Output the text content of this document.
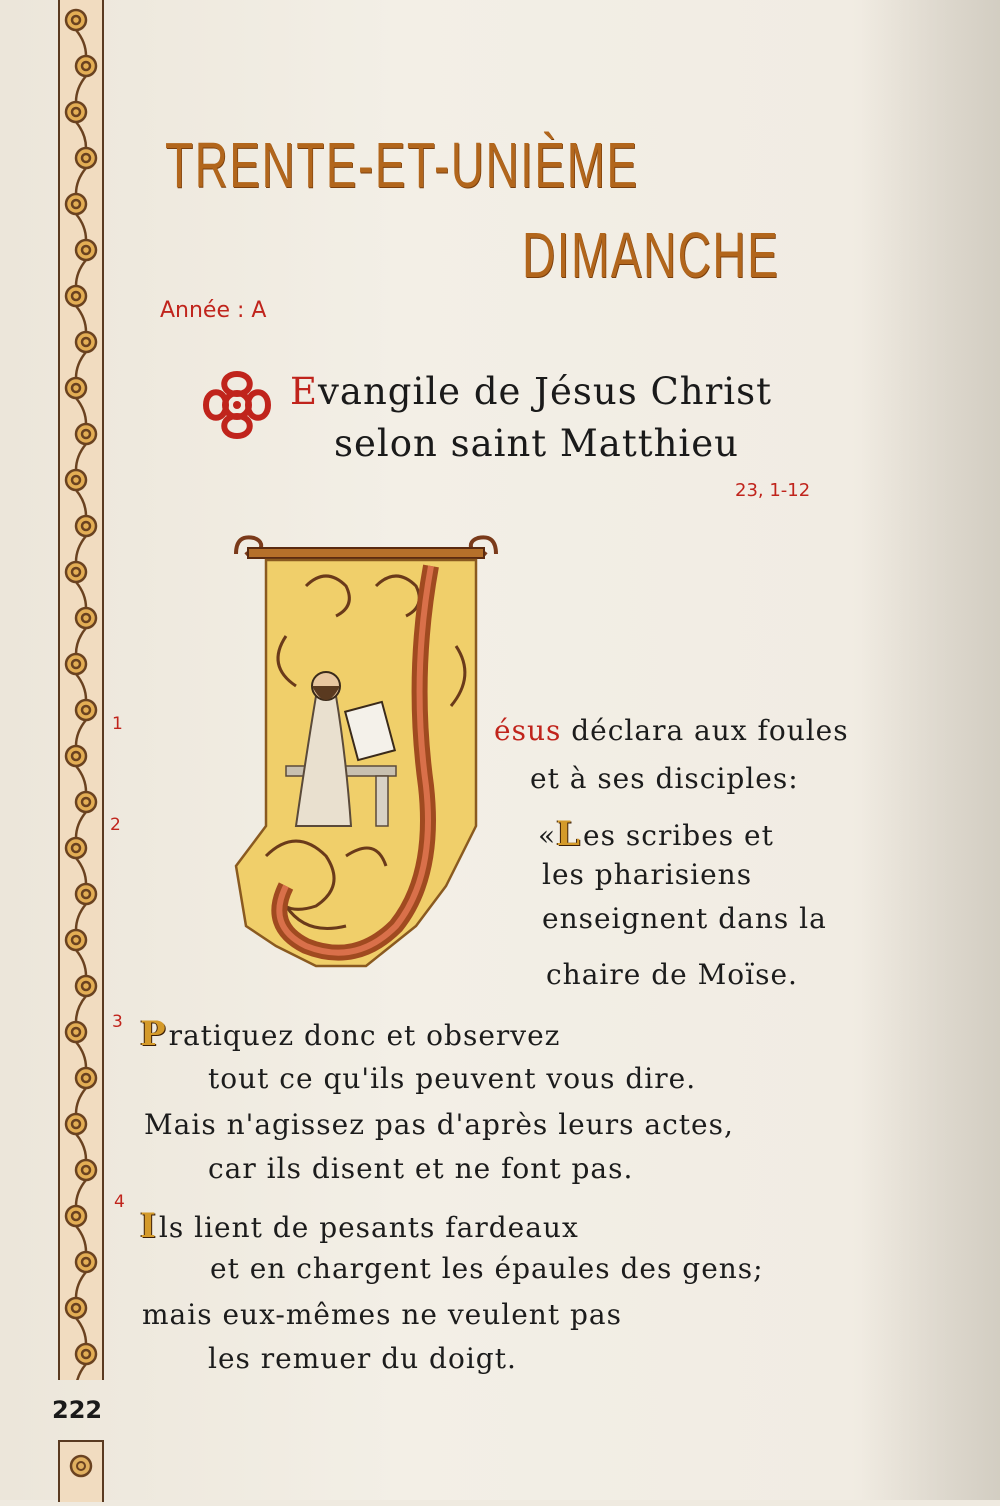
222
TRENTE-ET-UNIÈME
DIMANCHE
Année : A
Evangile de Jésus Christ
selon saint Matthieu
23, 1-12
1
2
3
4
ésus déclara aux foules
et à ses disciples:
«Les scribes et
les pharisiens
enseignent dans la
chaire de Moïse.
Pratiquez donc et observez
tout ce qu'ils peuvent vous dire.
Mais n'agissez pas d'après leurs actes,
car ils disent et ne font pas.
Ils lient de pesants fardeaux
et en chargent les épaules des gens;
mais eux-mêmes ne veulent pas
les remuer du doigt.
